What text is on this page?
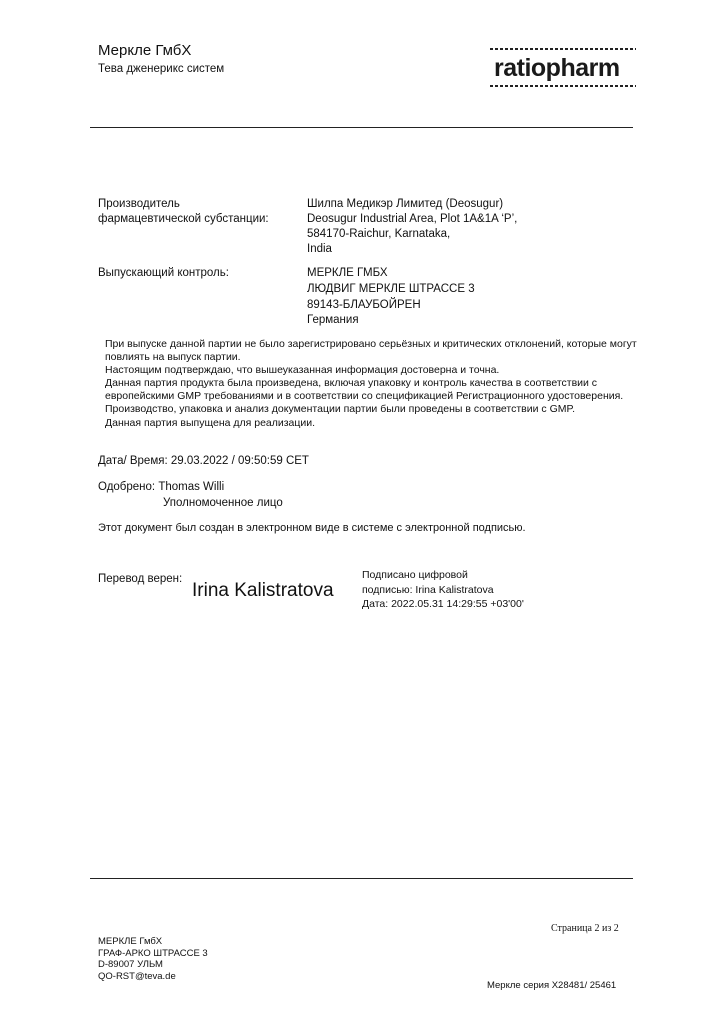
Меркле ГмбХ
Тева дженерикс систем	ratiopharm
Производитель
фармацевтической субстанции:
Шилпа Медикэр Лимитед (Deosugur)
Deosugur Industrial Area, Plot 1A&1A ‘P’,
584170-Raichur, Karnataka,
India
Выпускающий контроль:	МЕРКЛЕ ГМБХ
ЛЮДВИГ МЕРКЛЕ ШТРАССЕ 3
89143-БЛАУБОЙРЕН
Германия
При выпуске данной партии не было зарегистрировано серьёзных и критических отклонений, которые могут
повлиять на выпуск партии.
Настоящим подтверждаю, что вышеуказанная информация достоверна и точна.
Данная партия продукта была произведена, включая упаковку и контроль качества в соответствии с
европейскими GMP требованиями и в соответствии со спецификацией Регистрационного удостоверения.
Производство, упаковка и анализ документации партии были проведены в соответствии с GMP.
Данная партия выпущена для реализации.
Дата/ Время: 29.03.2022 / 09:50:59 CET
Одобрено: Thomas Willi
Уполномоченное лицо
Этот документ был создан в электронном виде в системе с электронной подписью.
Перевод верен:
Irina Kalistratova
Подписано цифровой
подписью: Irina Kalistratova
Дата: 2022.05.31 14:29:55 +03'00'
Страница 2 из 2
МЕРКЛЕ ГмбХ
ГРАФ-АРКО ШТРАССЕ 3
D-89007 УЛЬМ
QO-RST@teva.de
Меркле серия X28481/ 25461
